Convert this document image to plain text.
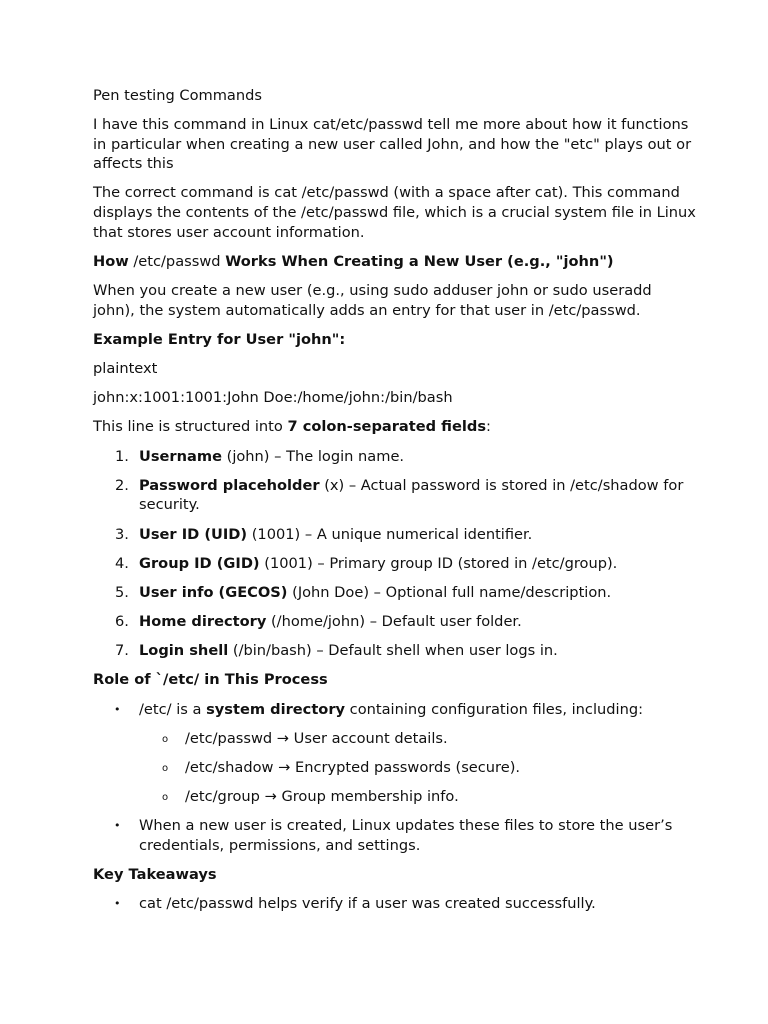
Pen testing Commands

I have this command in Linux cat/etc/passwd tell me more about how it functions in particular when creating a new user called John, and how the "etc" plays out or affects this

The correct command is cat /etc/passwd (with a space after cat). This command displays the contents of the /etc/passwd file, which is a crucial system file in Linux that stores user account information.

How /etc/passwd Works When Creating a New User (e.g., "john")

When you create a new user (e.g., using sudo adduser john or sudo useradd john), the system automatically adds an entry for that user in /etc/passwd.

Example Entry for User "john":

plaintext

john:x:1001:1001:John Doe:/home/john:/bin/bash

This line is structured into 7 colon-separated fields:

1. Username (john) – The login name.
2. Password placeholder (x) – Actual password is stored in /etc/shadow for security.
3. User ID (UID) (1001) – A unique numerical identifier.
4. Group ID (GID) (1001) – Primary group ID (stored in /etc/group).
5. User info (GECOS) (John Doe) – Optional full name/description.
6. Home directory (/home/john) – Default user folder.
7. Login shell (/bin/bash) – Default shell when user logs in.

Role of `/etc/ in This Process

• /etc/ is a system directory containing configuration files, including:
o /etc/passwd → User account details.
o /etc/shadow → Encrypted passwords (secure).
o /etc/group → Group membership info.
• When a new user is created, Linux updates these files to store the user’s credentials, permissions, and settings.

Key Takeaways

• cat /etc/passwd helps verify if a user was created successfully.
